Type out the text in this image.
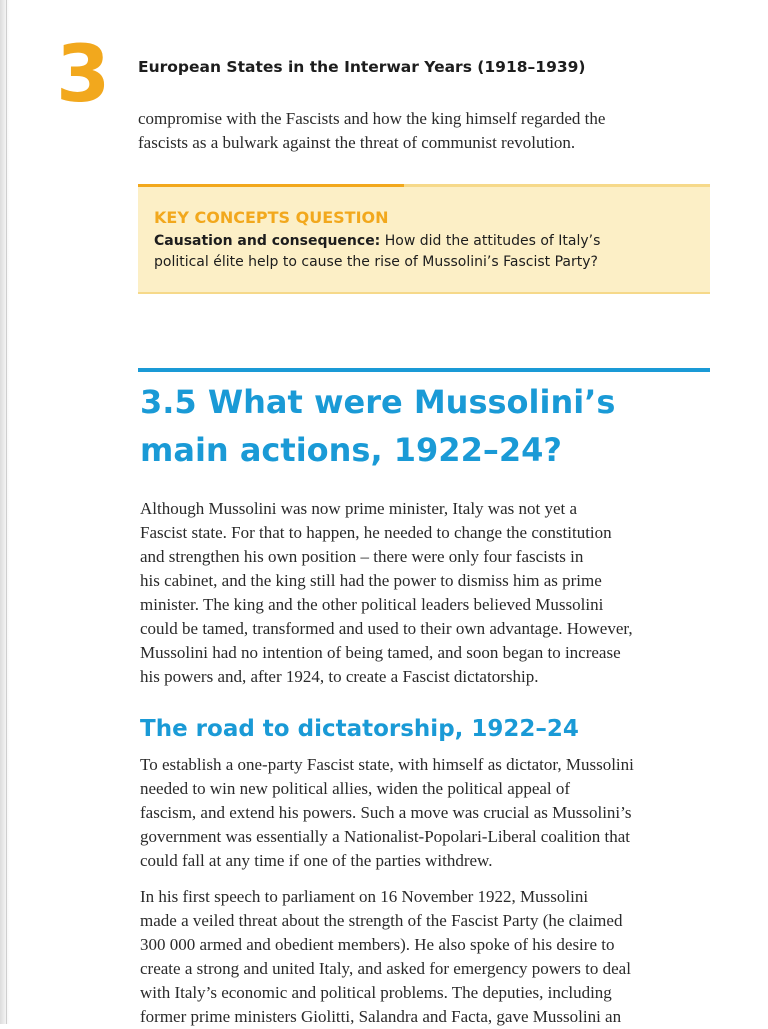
3 European States in the Interwar Years (1918–1939)

compromise with the Fascists and how the king himself regarded the
fascists as a bulwark against the threat of communist revolution.

KEY CONCEPTS QUESTION

Causation and consequence: How did the attitudes of Italy’s
political élite help to cause the rise of Mussolini’s Fascist Party?

3.5 What were Mussolini’s
main actions, 1922–24?

Although Mussolini was now prime minister, Italy was not yet a
Fascist state. For that to happen, he needed to change the constitution
and strengthen his own position – there were only four fascists in
his cabinet, and the king still had the power to dismiss him as prime
minister. The king and the other political leaders believed Mussolini
could be tamed, transformed and used to their own advantage. However,
Mussolini had no intention of being tamed, and soon began to increase
his powers and, after 1924, to create a Fascist dictatorship.

The road to dictatorship, 1922–24

To establish a one-party Fascist state, with himself as dictator, Mussolini
needed to win new political allies, widen the political appeal of
fascism, and extend his powers. Such a move was crucial as Mussolini’s
government was essentially a Nationalist-Popolari-Liberal coalition that
could fall at any time if one of the parties withdrew.

In his first speech to parliament on 16 November 1922, Mussolini
made a veiled threat about the strength of the Fascist Party (he claimed
300 000 armed and obedient members). He also spoke of his desire to
create a strong and united Italy, and asked for emergency powers to deal
with Italy’s economic and political problems. The deputies, including
former prime ministers Giolitti, Salandra and Facta, gave Mussolini an
